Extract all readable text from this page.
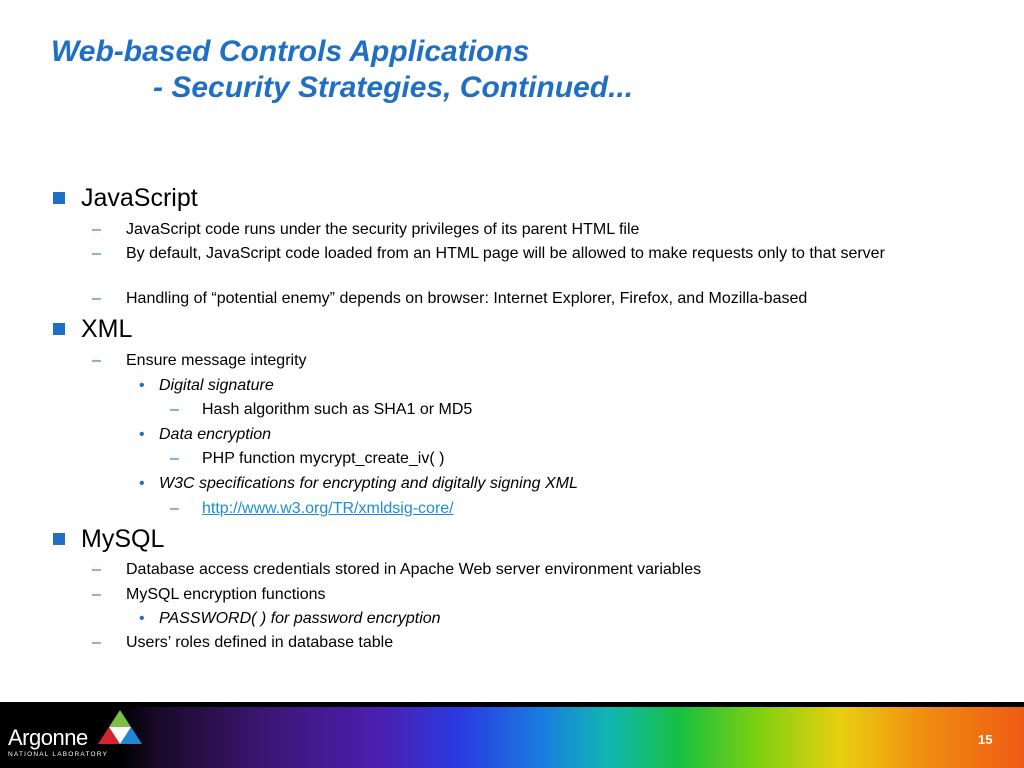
Web-based Controls Applications
- Security Strategies, Continued...
JavaScript
– JavaScript code runs under the security privileges of its parent HTML file
– By default, JavaScript code loaded from an HTML page will be allowed to make requests only to that server
– Handling of “potential enemy” depends on browser: Internet Explorer, Firefox, and Mozilla-based
XML
– Ensure message integrity
• Digital signature
– Hash algorithm such as SHA1 or MD5
• Data encryption
– PHP function mycrypt_create_iv( )
• W3C specifications for encrypting and digitally signing XML
– http://www.w3.org/TR/xmldsig-core/
MySQL
– Database access credentials stored in Apache Web server environment variables
– MySQL encryption functions
• PASSWORD( ) for password encryption
– Users’ roles defined in database table
Argonne
NATIONAL LABORATORY
15
